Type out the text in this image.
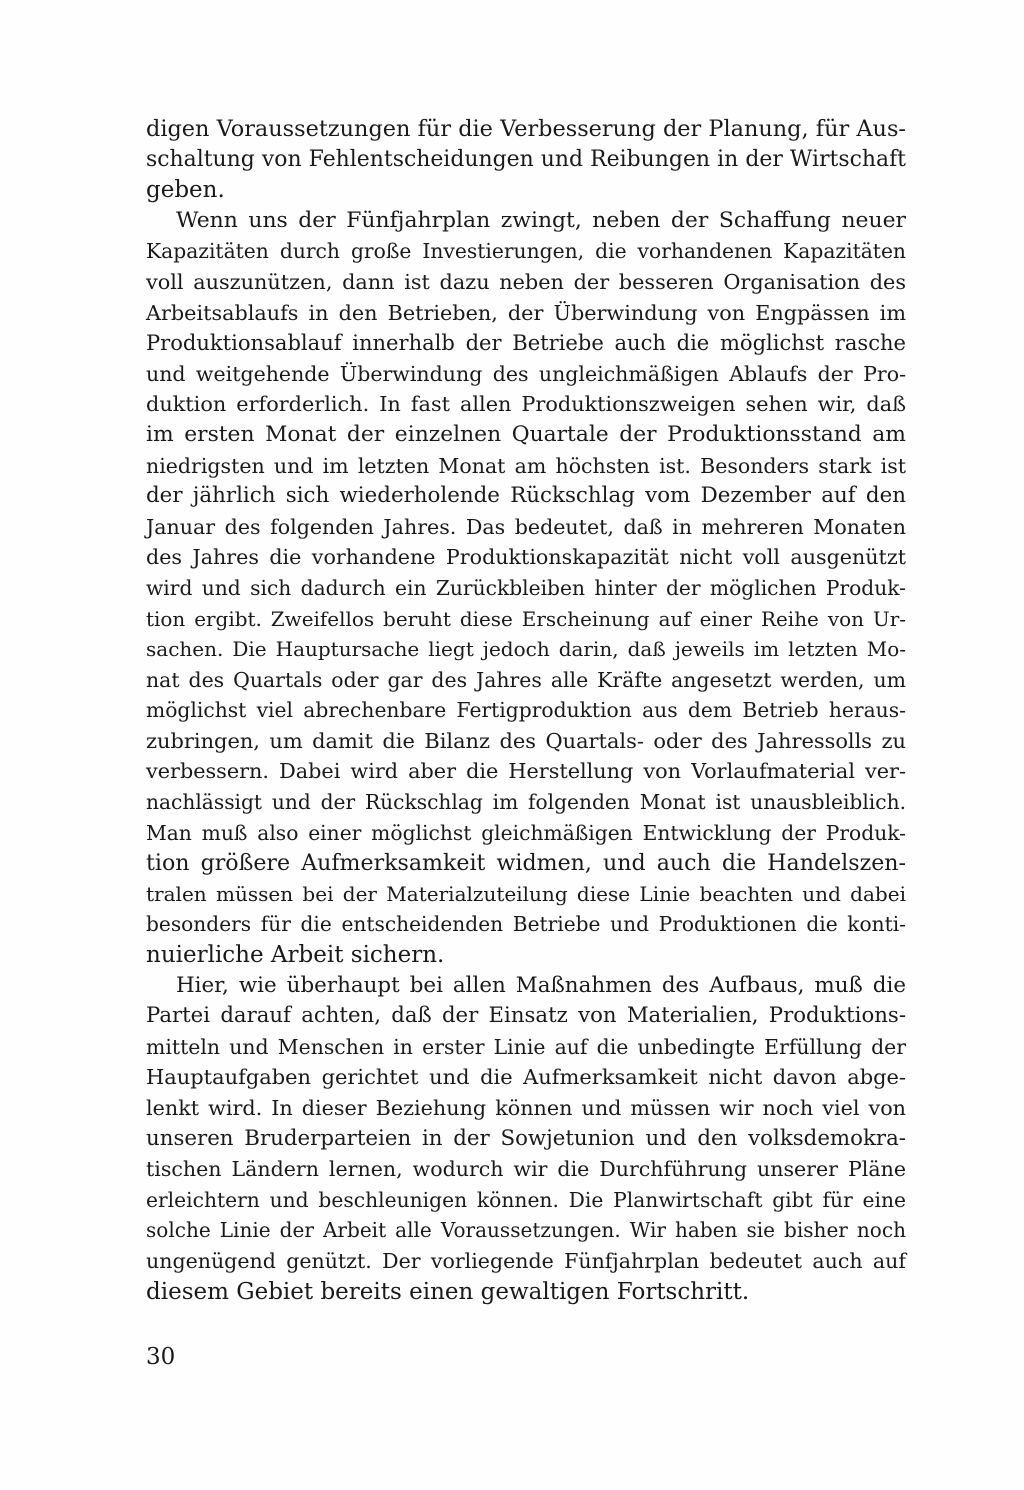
digen Voraussetzungen für die Verbesserung der Planung, für Aus-
schaltung von Fehlentscheidungen und Reibungen in der Wirtschaft
geben.
Wenn uns der Fünfjahrplan zwingt, neben der Schaffung neuer
Kapazitäten durch große Investierungen, die vorhandenen Kapazitäten
voll auszunützen, dann ist dazu neben der besseren Organisation des
Arbeitsablaufs in den Betrieben, der Überwindung von Engpässen im
Produktionsablauf innerhalb der Betriebe auch die möglichst rasche
und weitgehende Überwindung des ungleichmäßigen Ablaufs der Pro-
duktion erforderlich. In fast allen Produktionszweigen sehen wir, daß
im ersten Monat der einzelnen Quartale der Produktionsstand am
niedrigsten und im letzten Monat am höchsten ist. Besonders stark ist
der jährlich sich wiederholende Rückschlag vom Dezember auf den
Januar des folgenden Jahres. Das bedeutet, daß in mehreren Monaten
des Jahres die vorhandene Produktionskapazität nicht voll ausgenützt
wird und sich dadurch ein Zurückbleiben hinter der möglichen Produk-
tion ergibt. Zweifellos beruht diese Erscheinung auf einer Reihe von Ur-
sachen. Die Hauptursache liegt jedoch darin, daß jeweils im letzten Mo-
nat des Quartals oder gar des Jahres alle Kräfte angesetzt werden, um
möglichst viel abrechenbare Fertigproduktion aus dem Betrieb heraus-
zubringen, um damit die Bilanz des Quartals- oder des Jahressolls zu
verbessern. Dabei wird aber die Herstellung von Vorlaufmaterial ver-
nachlässigt und der Rückschlag im folgenden Monat ist unausbleiblich.
Man muß also einer möglichst gleichmäßigen Entwicklung der Produk-
tion größere Aufmerksamkeit widmen, und auch die Handelszen-
tralen müssen bei der Materialzuteilung diese Linie beachten und dabei
besonders für die entscheidenden Betriebe und Produktionen die konti-
nuierliche Arbeit sichern.
Hier, wie überhaupt bei allen Maßnahmen des Aufbaus, muß die
Partei darauf achten, daß der Einsatz von Materialien, Produktions-
mitteln und Menschen in erster Linie auf die unbedingte Erfüllung der
Hauptaufgaben gerichtet und die Aufmerksamkeit nicht davon abge-
lenkt wird. In dieser Beziehung können und müssen wir noch viel von
unseren Bruderparteien in der Sowjetunion und den volksdemokra-
tischen Ländern lernen, wodurch wir die Durchführung unserer Pläne
erleichtern und beschleunigen können. Die Planwirtschaft gibt für eine
solche Linie der Arbeit alle Voraussetzungen. Wir haben sie bisher noch
ungenügend genützt. Der vorliegende Fünfjahrplan bedeutet auch auf
diesem Gebiet bereits einen gewaltigen Fortschritt.
30
